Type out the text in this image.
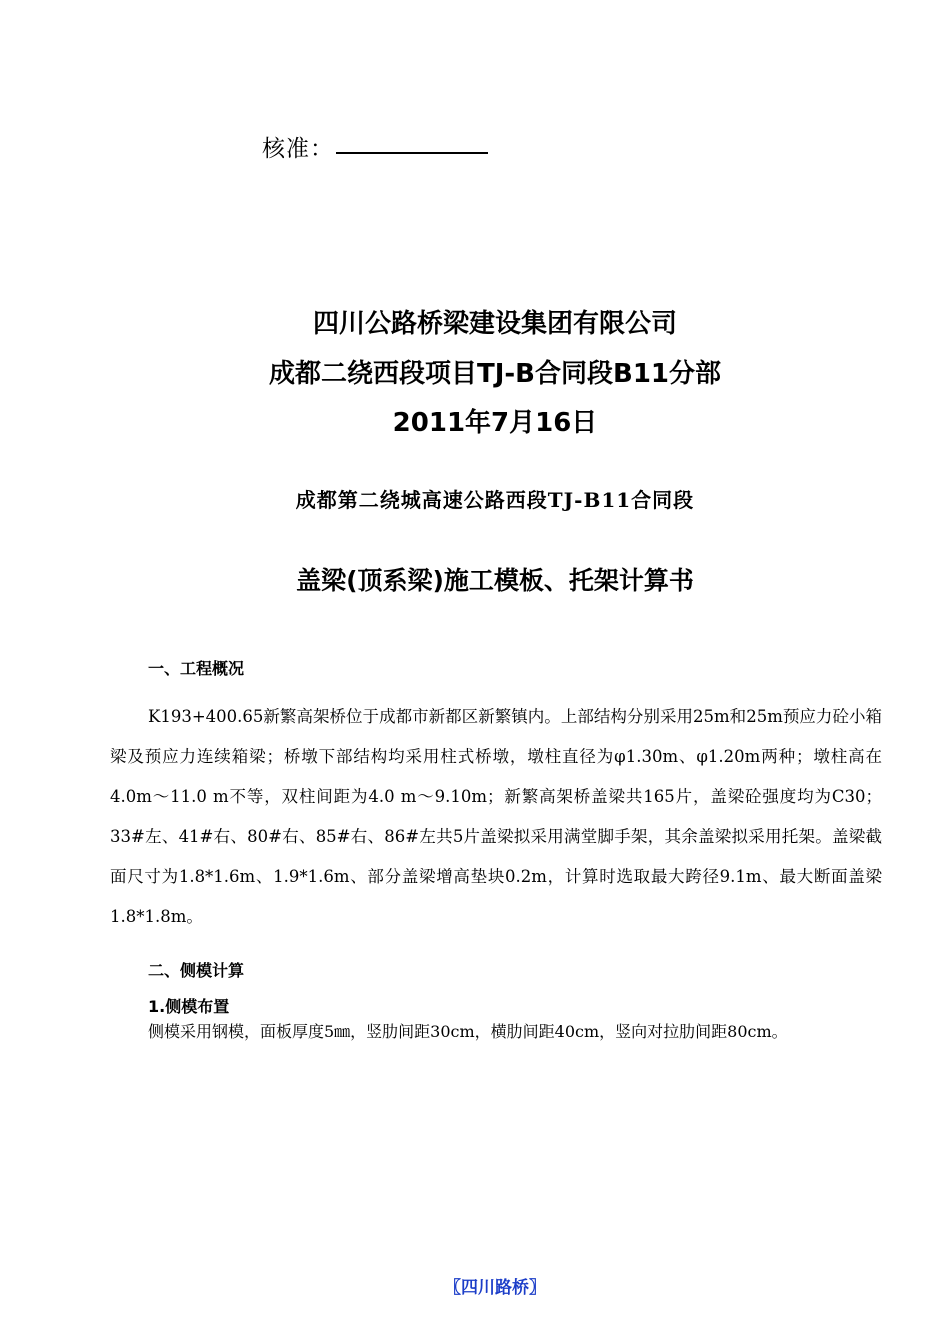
核准：
四川公路桥梁建设集团有限公司
成都二绕西段项目TJ-B合同段B11分部
2011年7月16日
成都第二绕城高速公路西段TJ-B11合同段
盖梁(顶系梁)施工模板、托架计算书
一、工程概况
K193+400.65新繁高架桥位于成都市新都区新繁镇内。上部结构分别采用25m和25m预应力砼小箱梁及预应力连续箱梁；桥墩下部结构均采用柱式桥墩，墩柱直径为φ1.30m、φ1.20m两种；墩柱高在4.0m～11.0 m不等，双柱间距为4.0 m～9.10m；新繁高架桥盖梁共165片，盖梁砼强度均为C30；33#左、41#右、80#右、85#右、86#左共5片盖梁拟采用满堂脚手架，其余盖梁拟采用托架。盖梁截面尺寸为1.8*1.6m、1.9*1.6m、部分盖梁增高垫块0.2m，计算时选取最大跨径9.1m、最大断面盖梁1.8*1.8m。
二、侧模计算
1.侧模布置
侧模采用钢模，面板厚度5㎜，竖肋间距30cm，横肋间距40cm，竖向对拉肋间距80cm。
〖四川路桥〗
